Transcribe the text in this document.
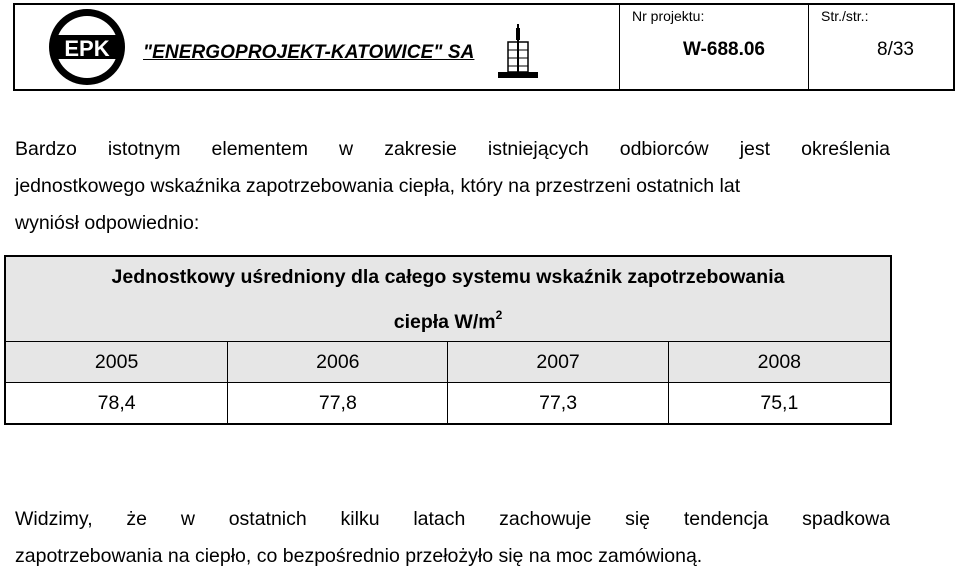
EPK "ENERGOPROJEKT-KATOWICE" SA
Nr projektu:
W-688.06
Str./str.:
8/33
Bardzo istotnym elementem w zakresie istniejących odbiorców jest określenia
jednostkowego wskaźnika zapotrzebowania ciepła, który na przestrzeni ostatnich lat
wyniósł odpowiednio:
Jednostkowy uśredniony dla całego systemu wskaźnik zapotrzebowania
ciepła $W/m^2$
2005	2006	2007	2008
78,4	77,8	77,3	75,1
Widzimy, że w ostatnich kilku latach zachowuje się tendencja spadkowa
zapotrzebowania na ciepło, co bezpośrednio przełożyło się na moc zamówioną.
